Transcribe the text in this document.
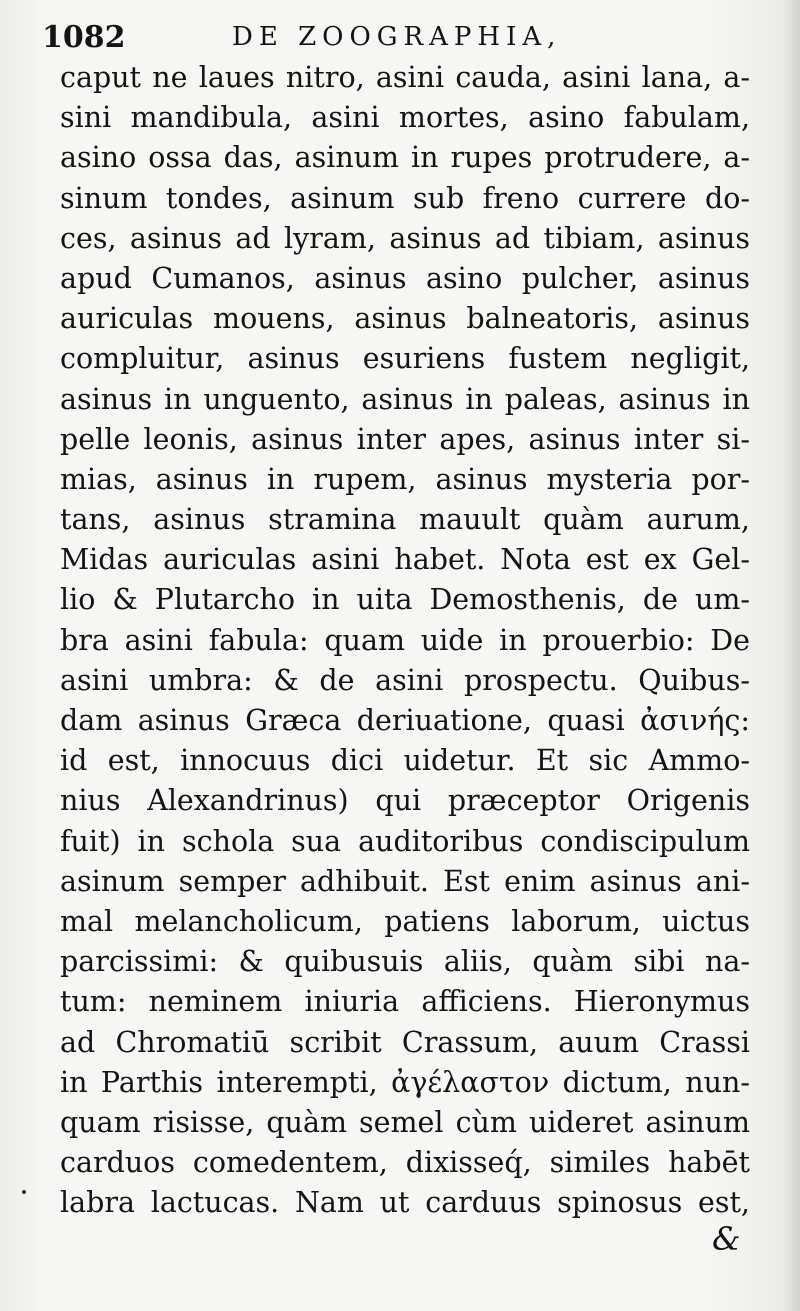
1082	DE ZOOGRAPHIA,
caput ne laues nitro, asini cauda, asini lana, a-
sini mandibula, asini mortes, asino fabulam,
asino ossa das, asinum in rupes protrudere, a-
sinum tondes, asinum sub freno currere do-
ces, asinus ad lyram, asinus ad tibiam, asinus
apud Cumanos, asinus asino pulcher, asinus
auriculas mouens, asinus balneatoris, asinus
compluitur, asinus esuriens fustem negligit,
asinus in unguento, asinus in paleas, asinus in
pelle leonis, asinus inter apes, asinus inter si-
mias, asinus in rupem, asinus mysteria por-
tans, asinus stramina mauult quàm aurum,
Midas auriculas asini habet. Nota est ex Gel-
lio & Plutarcho in uita Demosthenis, de um-
bra asini fabula: quam uide in prouerbio: De
asini umbra: & de asini prospectu. Quibus-
dam asinus Græca deriuatione, quasi ἀσινής:
id est, innocuus dici uidetur. Et sic Ammo-
nius Alexandrinus) qui præceptor Origenis
fuit) in schola sua auditoribus condiscipulum
asinum semper adhibuit. Est enim asinus ani-
mal melancholicum, patiens laborum, uictus
parcissimi: & quibusuis aliis, quàm sibi na-
tum: neminem iniuria afficiens. Hieronymus
ad Chromatiū scribit Crassum, auum Crassi
in Parthis interempti, ἀγέλαστον dictum, nun-
quam risisse, quàm semel cùm uideret asinum
carduos comedentem, dixisseq́, similes habēt
labra lactucas. Nam ut carduus spinosus est,
&
